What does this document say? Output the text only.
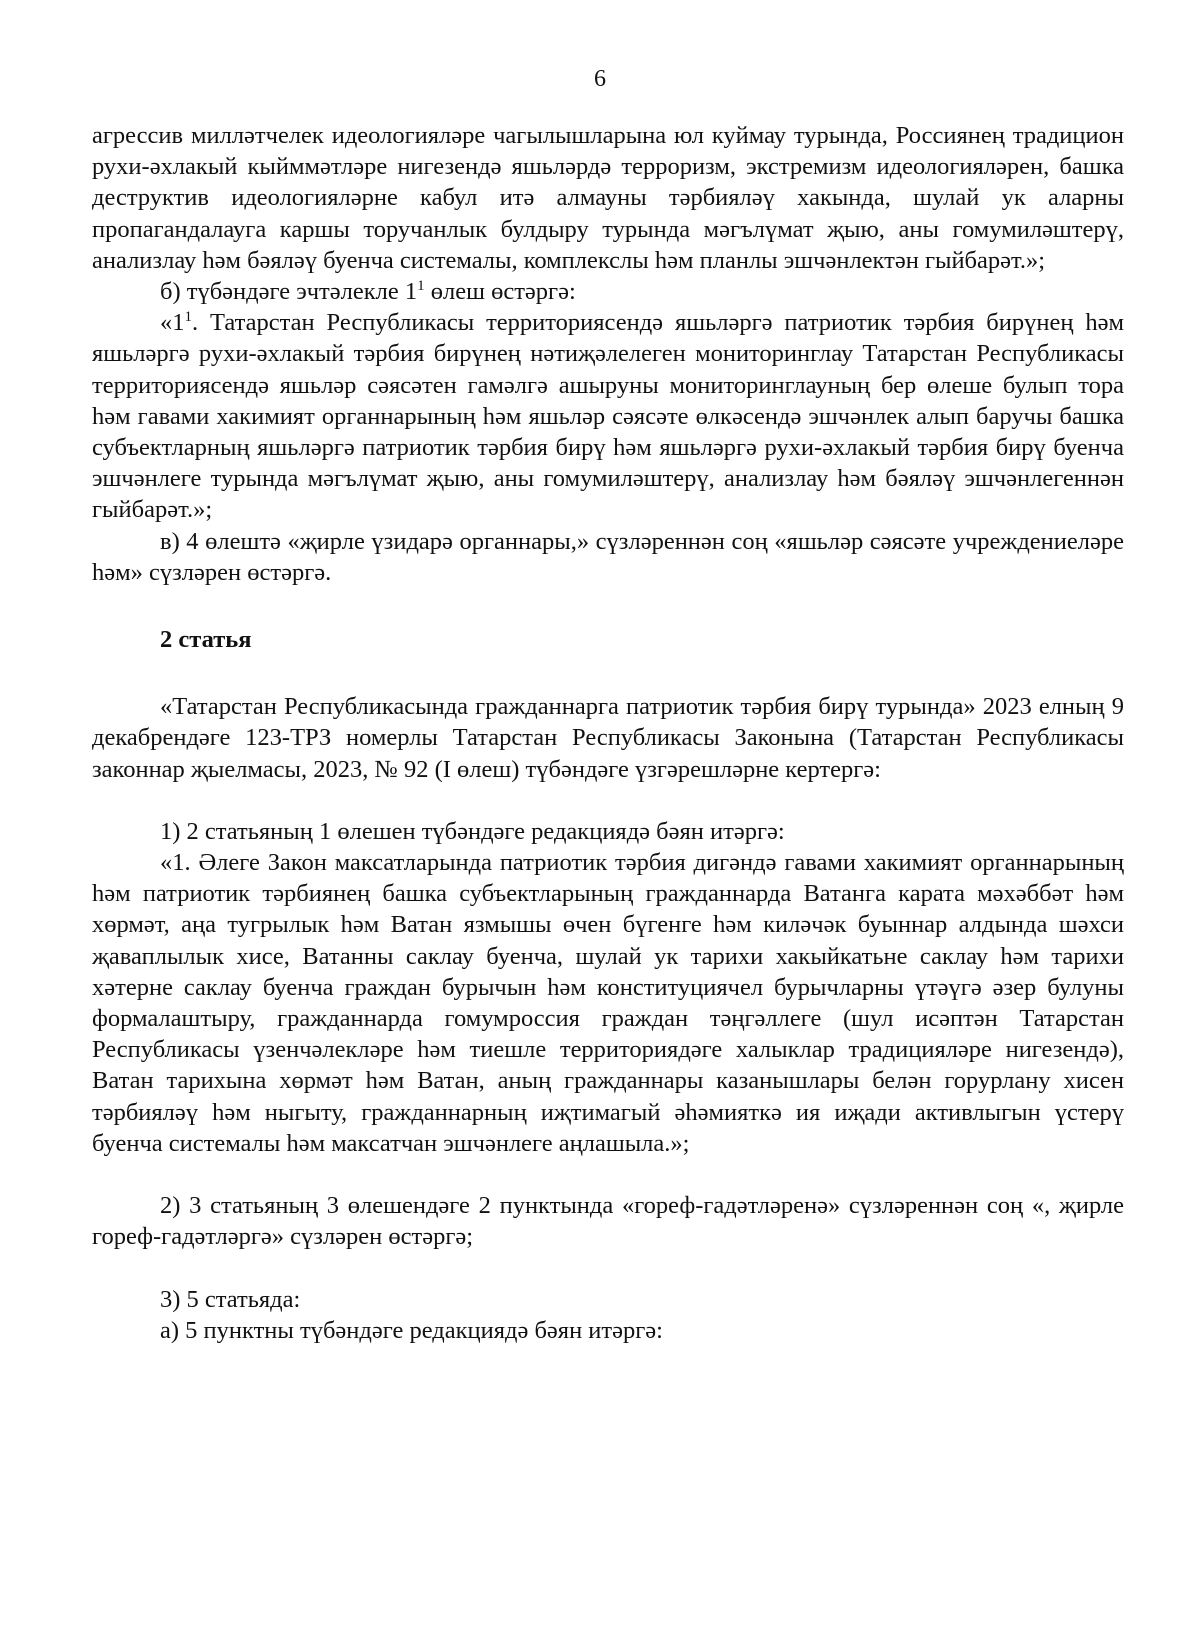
6

агрессив миллəтчелек идеологиялəре чагылышларына юл куймау турында, Россиянең традицион рухи-əхлакый кыйммəтлəре нигезендə яшьлəрдə терроризм, экстремизм идеологиялəрен, башка деструктив идеологиялəрне кабул итə алмауны тəрбиялəү хакында, шулай ук аларны пропагандалауга каршы торучанлык булдыру турында мəгълүмат җыю, аны гомумилəштерү, анализлау һəм бəялəү буенча системалы, комплекслы һəм планлы эшчəнлектəн гыйбарəт.»;

б) түбəндəге эчтəлекле $1^1$ өлеш өстəргə:

«$1^1$. Татарстан Республикасы территориясендə яшьлəргə патриотик тəрбия бирүнең һəм яшьлəргə рухи-əхлакый тəрбия бирүнең нəтиҗəлелеген мониторинглау Татарстан Республикасы территориясендə яшьлəр сəясəтен гамəлгə ашыруны мониторинглауның бер өлеше булып тора һəм гавами хакимият органнарының һəм яшьлəр сəясəте өлкəсендə эшчəнлек алып баручы башка субъектларның яшьлəргə патриотик тəрбия бирү һəм яшьлəргə рухи-əхлакый тəрбия бирү буенча эшчəнлеге турында мəгълүмат җыю, аны гомумилəштерү, анализлау һəм бəялəү эшчəнлегеннəн гыйбарəт.»;

в) 4 өлештə «җирле үзидарə органнары,» сүзлəреннəн соң «яшьлəр сəясəте учреждениелəре һəм» сүзлəрен өстəргə.

2 статья

«Татарстан Республикасында гражданнарга патриотик тəрбия бирү турында» 2023 елның 9 декабрендəге 123-ТРЗ номерлы Татарстан Республикасы Законына (Татарстан Республикасы законнар җыелмасы, 2023, № 92 (I өлеш) түбəндəге үзгəрешлəрне кертергə:

1) 2 статьяның 1 өлешен түбəндəге редакциядə бəян итəргə:

«1. Əлеге Закон максатларында патриотик тəрбия дигəндə гавами хакимият органнарының һəм патриотик тəрбиянең башка субъектларының гражданнарда Ватанга карата мəхəббəт һəм хөрмəт, аңа тугрылык һəм Ватан язмышы өчен бүгенге һəм киләчəк буыннар алдында шəхси җаваплылык хисе, Ватанны саклау буенча, шулай ук тарихи хакыйкатьне саклау һəм тарихи хəтерне саклау буенча граждан бурычын һəм конституциячел бурычларны үтəүгə əзер булуны формалаштыру, гражданнарда гомумроссия граждан тəңгəллеге (шул исəптəн Татарстан Республикасы үзенчəлеклəре һəм тиешле территориядəге халыклар традициялəре нигезендə), Ватан тарихына хөрмəт һəм Ватан, аның гражданнары казанышлары белəн горурлану хисен тəрбиялəү һəм ныгыту, гражданнарның иҗтимагый əһəмияткə ия иҗади активлыгын үстерү буенча системалы һəм максатчан эшчəнлеге аңлашыла.»;

2) 3 статьяның 3 өлешендəге 2 пунктында «гореф-гадəтлəренə» сүзлəреннəн соң «, җирле гореф-гадəтлəргə» сүзлəрен өстəргə;

3) 5 статьяда:

а) 5 пунктны түбəндəге редакциядə бəян итəргə:
